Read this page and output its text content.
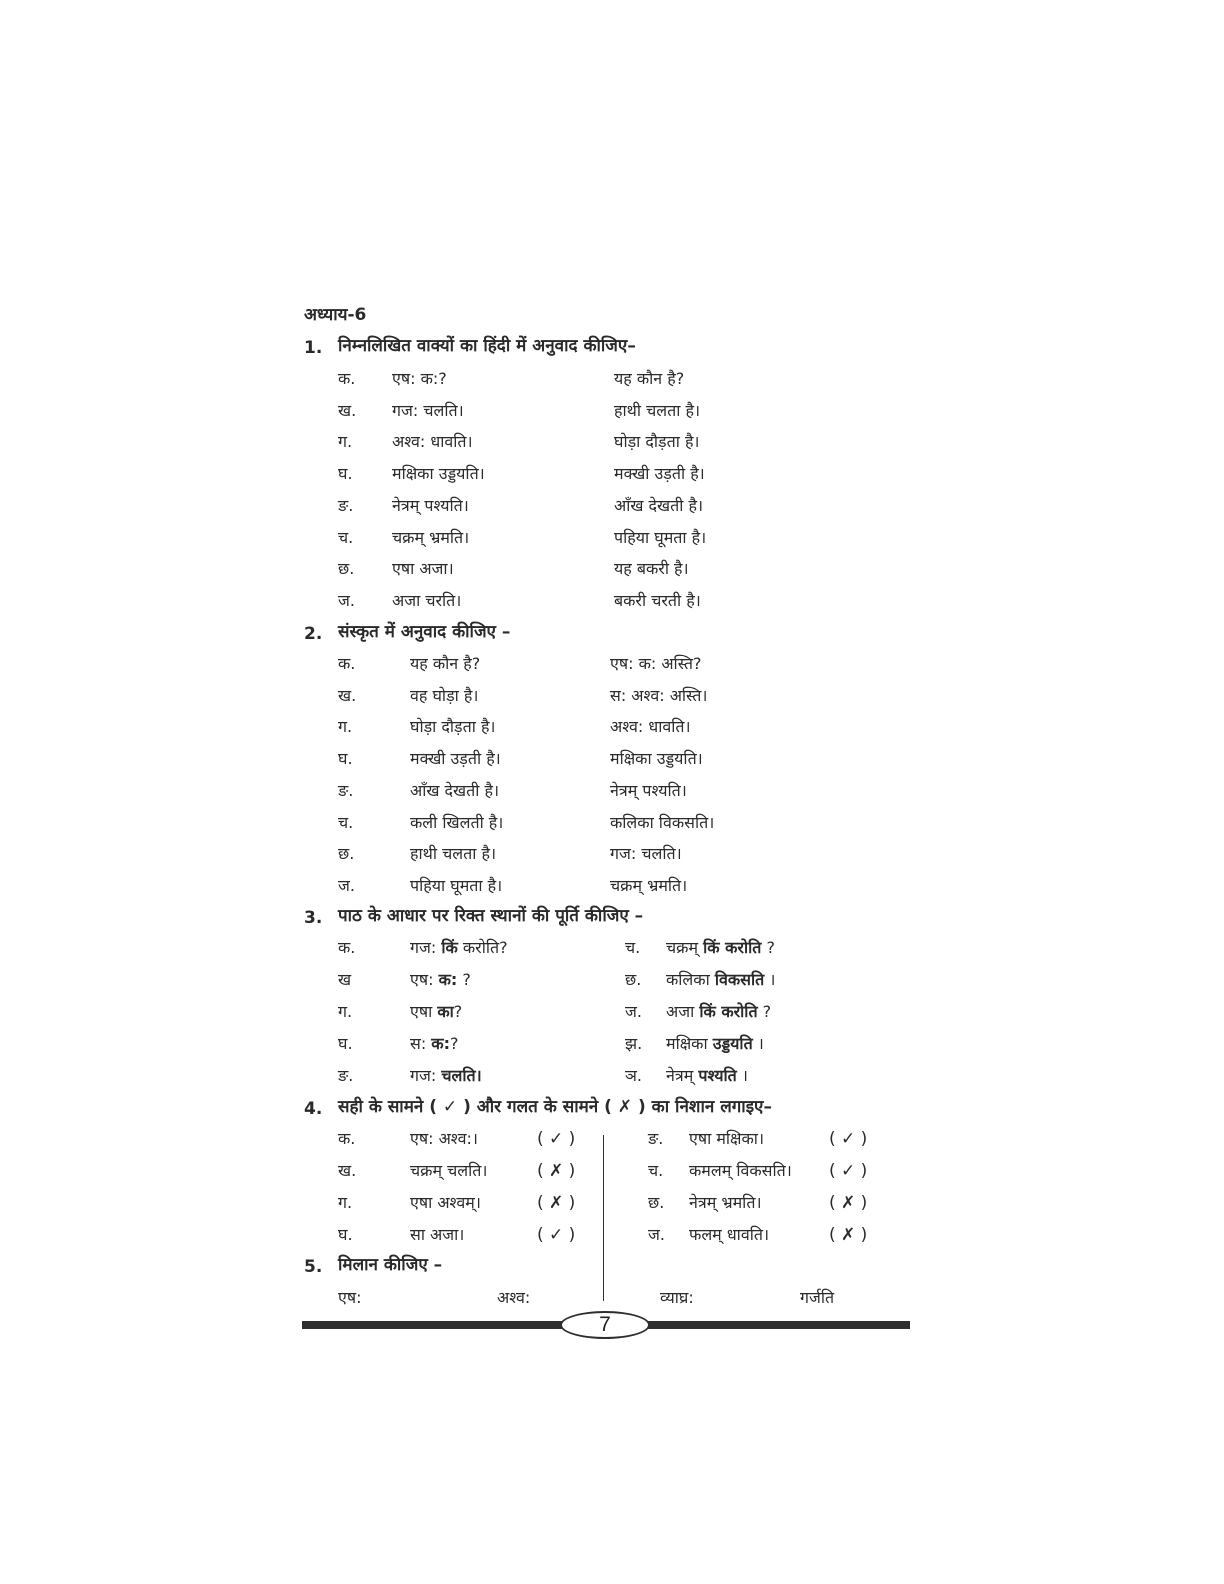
अध्याय-6
1. निम्नलिखित वाक्यों का हिंदी में अनुवाद कीजिए–
क. एष: क:?	यह कौन है?
ख. गज: चलति।	हाथी चलता है।
ग. अश्व: धावति।	घोड़ा दौड़ता है।
घ. मक्षिका उड्डयति।	मक्खी उड़ती है।
ङ. नेत्रम् पश्यति।	आँख देखती है।
च. चक्रम् भ्रमति।	पहिया घूमता है।
छ. एषा अजा।	यह बकरी है।
ज. अजा चरति।	बकरी चरती है।
2. संस्कृत में अनुवाद कीजिए –
क.	यह कौन है?	एष: क: अस्ति?
ख.	वह घोड़ा है।	स: अश्व: अस्ति।
ग.	घोड़ा दौड़ता है।	अश्व: धावति।
घ.	मक्खी उड़ती है।	मक्षिका उड्डयति।
ङ.	आँख देखती है।	नेत्रम् पश्यति।
च.	कली खिलती है।	कलिका विकसति।
छ.	हाथी चलता है।	गज: चलति।
ज.	पहिया घूमता है।	चक्रम् भ्रमति।
3. पाठ के आधार पर रिक्त स्थानों की पूर्ति कीजिए –
क.	गज: किं करोति?
ख	एष: क: ?
ग.	एषा का?
घ.	स: क:?
ङ.	गज: चलति।
च. चक्रम् किं करोति ?
छ. कलिका विकसति ।
ज. अजा किं करोति ?
झ. मक्षिका उड्डयति ।
ञ. नेत्रम् पश्यति ।
4. सही के सामने ( ✓ ) और गलत के सामने ( ✗ ) का निशान लगाइए–
क.	एष: अश्व:।	( ✓ )
ख.	चक्रम् चलति।	( ✗ )
ग.	एषा अश्वम्।	( ✗ )
घ.	सा अजा।	( ✓ )
ङ. एषा मक्षिका।	( ✓ )
च. कमलम् विकसति। ( ✓ )
छ. नेत्रम् भ्रमति।	( ✗ )
ज. फलम् धावति।	( ✗ )
5. मिलान कीजिए –
एष:	अश्व:	व्याघ्र:	गर्जति
7
